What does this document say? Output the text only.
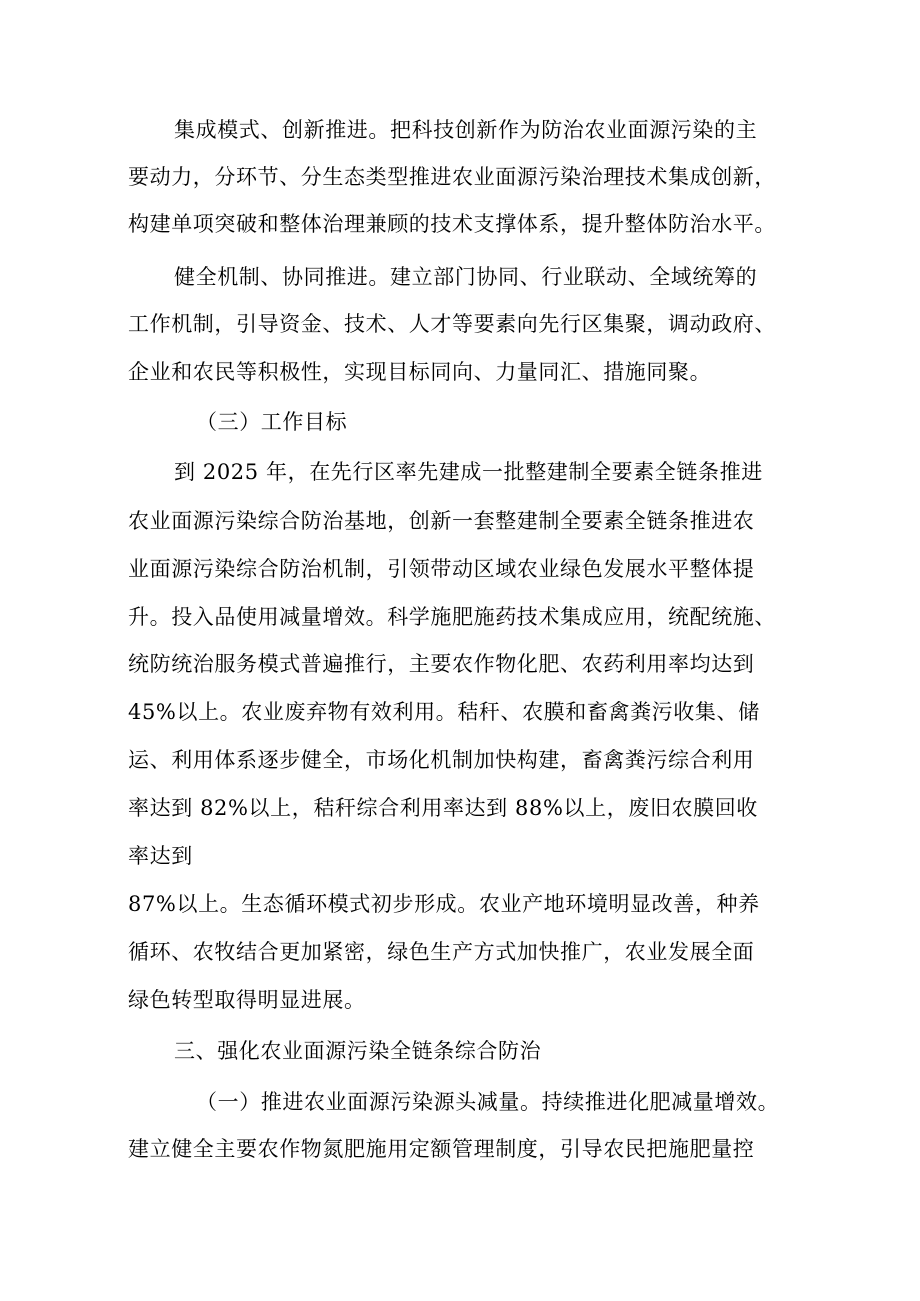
集成模式、创新推进。把科技创新作为防治农业面源污染的主
要动力，分环节、分生态类型推进农业面源污染治理技术集成创新，
构建单项突破和整体治理兼顾的技术支撑体系，提升整体防治水平。
健全机制、协同推进。建立部门协同、行业联动、全域统筹的
工作机制，引导资金、技术、人才等要素向先行区集聚，调动政府、
企业和农民等积极性，实现目标同向、力量同汇、措施同聚。
（三）工作目标
到 2025 年，在先行区率先建成一批整建制全要素全链条推进
农业面源污染综合防治基地，创新一套整建制全要素全链条推进农
业面源污染综合防治机制，引领带动区域农业绿色发展水平整体提
升。投入品使用减量增效。科学施肥施药技术集成应用，统配统施、
统防统治服务模式普遍推行，主要农作物化肥、农药利用率均达到
45%以上。农业废弃物有效利用。秸秆、农膜和畜禽粪污收集、储
运、利用体系逐步健全，市场化机制加快构建，畜禽粪污综合利用
率达到 82%以上，秸秆综合利用率达到 88%以上，废旧农膜回收
率达到
87%以上。生态循环模式初步形成。农业产地环境明显改善，种养
循环、农牧结合更加紧密，绿色生产方式加快推广，农业发展全面
绿色转型取得明显进展。
三、强化农业面源污染全链条综合防治
（一）推进农业面源污染源头减量。持续推进化肥减量增效。
建立健全主要农作物氮肥施用定额管理制度，引导农民把施肥量控
